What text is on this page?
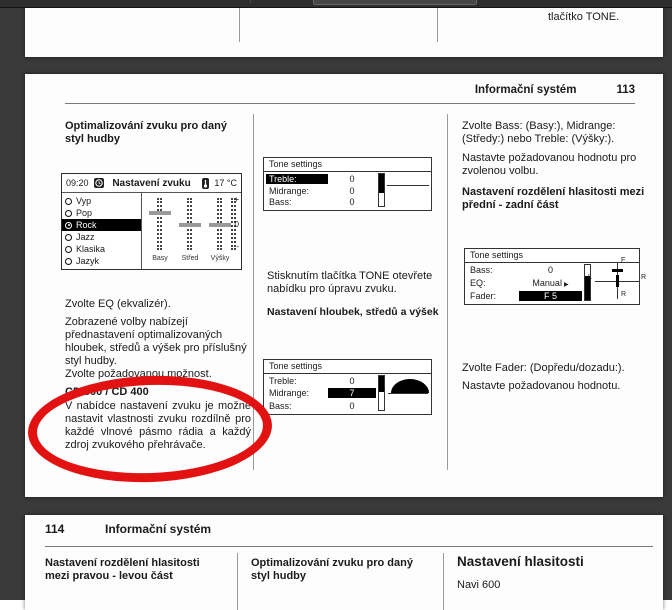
tlačítko TONE.
Informační systém	113
Optimalizování zvuku pro daný styl hudby
09:20	Nastavení zvuku	17 °C
Vyp
Pop
Rock
Jazz
Klasika
Jazyk
+
0
-
Basy	Střed	Výšky
Zvolte EQ (ekvalizér).
Zobrazené volby nabízejí přednastavení optimalizovaných hloubek, středů a výšek pro příslušný styl hudby.
Zvolte požadovanou možnost.
CD 500 / CD 400
V nabídce nastavení zvuku je možné nastavit vlastnosti zvuku rozdílně pro každé vlnové pásmo rádia a každý zdroj zvukového přehrávače.
Tone settings
Treble:	0
Midrange:	0
Bass:	0
Stisknutím tlačítka TONE otevřete nabídku pro úpravu zvuku.
Nastavení hloubek, středů a výšek
Tone settings
Treble:	0
Midrange:	7
Bass:	0
Zvolte Bass: (Basy:), Midrange: (Středy:) nebo Treble: (Výšky:).
Nastavte požadovanou hodnotu pro zvolenou volbu.
Nastavení rozdělení hlasitosti mezi přední - zadní část
Tone settings
Bass:	0
EQ:	Manual ▶
Fader:	F 5
F
L	R
R
Zvolte Fader: (Dopředu/dozadu:).
Nastavte požadovanou hodnotu.
114	Informační systém
Nastavení rozdělení hlasitosti mezi pravou - levou část
Optimalizování zvuku pro daný styl hudby
Nastavení hlasitosti
Navi 600
